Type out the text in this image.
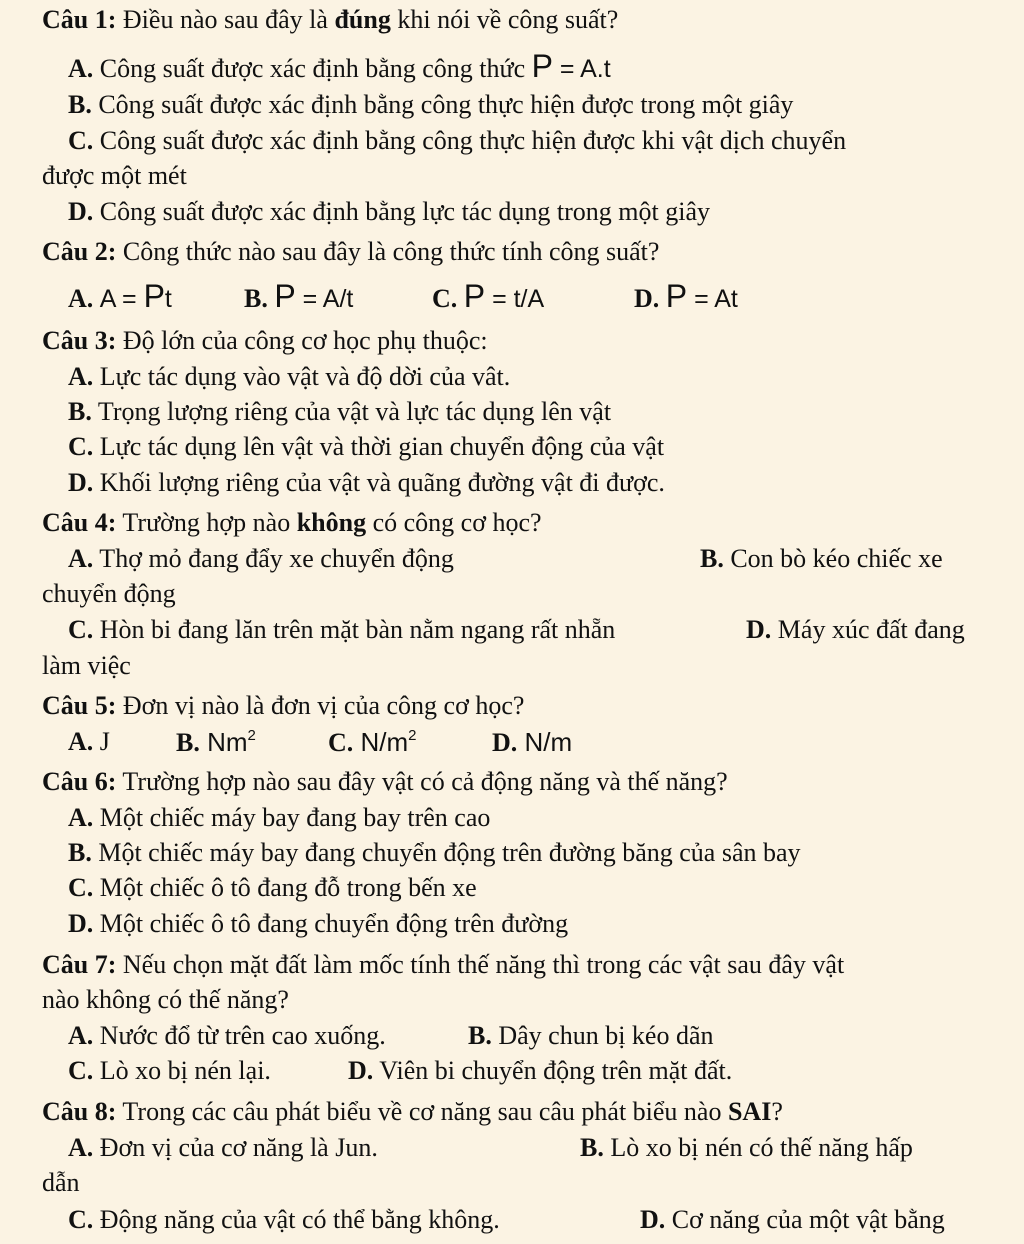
Câu 1: Điều nào sau đây là đúng khi nói về công suất?
A. Công suất được xác định bằng công thức P = A.t
B. Công suất được xác định bằng công thực hiện được trong một giây
C. Công suất được xác định bằng công thực hiện được khi vật dịch chuyển
được một mét
D. Công suất được xác định bằng lực tác dụng trong một giây
Câu 2: Công thức nào sau đây là công thức tính công suất?
A. A = Pt	B. P = A/t	C. P = t/A	D. P = At
Câu 3: Độ lớn của công cơ học phụ thuộc:
A. Lực tác dụng vào vật và độ dời của vât.
B. Trọng lượng riêng của vật và lực tác dụng lên vật
C. Lực tác dụng lên vật và thời gian chuyển động của vật
D. Khối lượng riêng của vật và quãng đường vật đi được.
Câu 4: Trường hợp nào không có công cơ học?
A. Thợ mỏ đang đẩy xe chuyển động	B. Con bò kéo chiếc xe
chuyển động
C. Hòn bi đang lăn trên mặt bàn nằm ngang rất nhẵn	D. Máy xúc đất đang
làm việc
Câu 5: Đơn vị nào là đơn vị của công cơ học?
A. J	B. Nm$^2$	C. $N/m^2$	D. N/m
Câu 6: Trường hợp nào sau đây vật có cả động năng và thế năng?
A. Một chiếc máy bay đang bay trên cao
B. Một chiếc máy bay đang chuyển động trên đường băng của sân bay
C. Một chiếc ô tô đang đỗ trong bến xe
D. Một chiếc ô tô đang chuyển động trên đường
Câu 7: Nếu chọn mặt đất làm mốc tính thế năng thì trong các vật sau đây vật
nào không có thế năng?
A. Nước đổ từ trên cao xuống.	B. Dây chun bị kéo dãn
C. Lò xo bị nén lại.	D. Viên bi chuyển động trên mặt đất.
Câu 8: Trong các câu phát biểu về cơ năng sau câu phát biểu nào SAI?
A. Đơn vị của cơ năng là Jun.	B. Lò xo bị nén có thế năng hấp
dẫn
C. Động năng của vật có thể bằng không.	D. Cơ năng của một vật bằng
